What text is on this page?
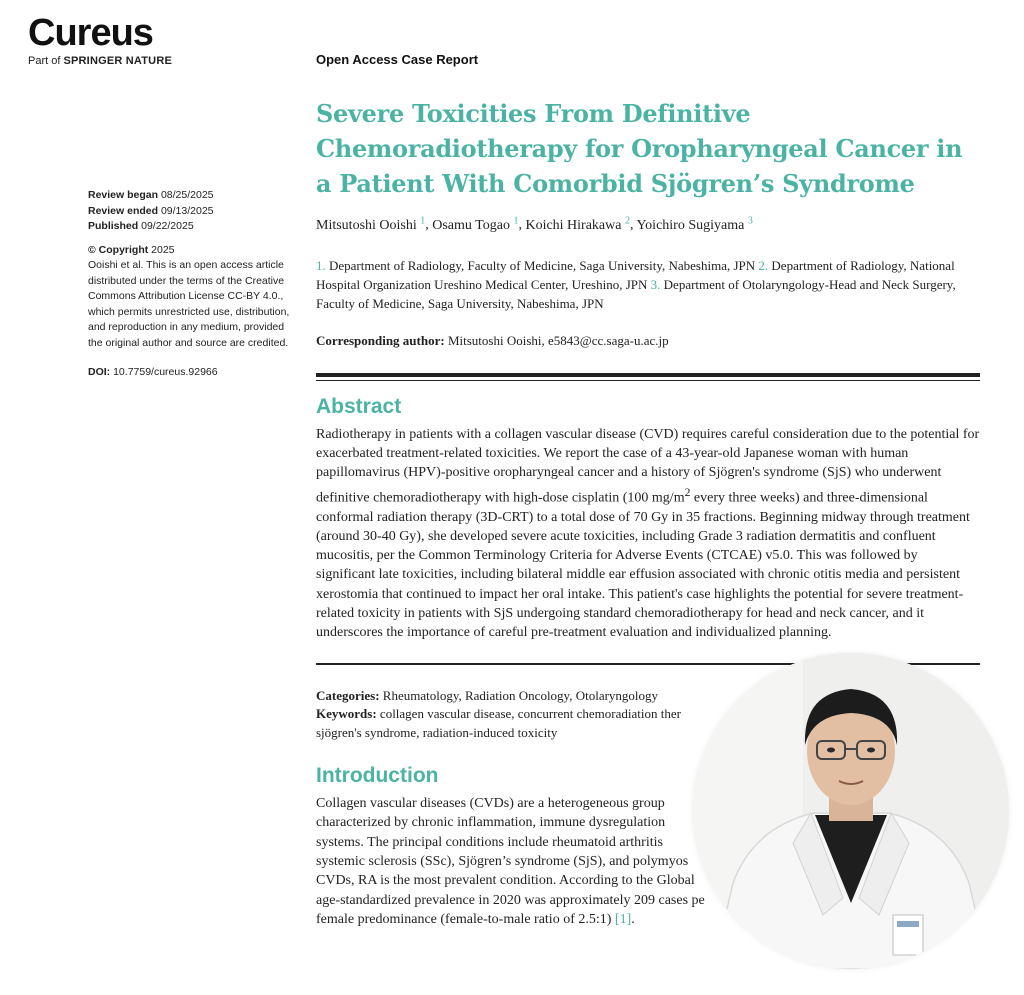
Cureus
Part of SPRINGER NATURE	Open Access Case Report
Review began 08/25/2025
Review ended 09/13/2025
Published 09/22/2025
© Copyright 2025
Ooishi et al. This is an open access article distributed under the terms of the Creative Commons Attribution License CC-BY 4.0., which permits unrestricted use, distribution, and reproduction in any medium, provided the original author and source are credited.
DOI: 10.7759/cureus.92966
Severe Toxicities From Definitive Chemoradiotherapy for Oropharyngeal Cancer in a Patient With Comorbid Sjögren’s Syndrome
Mitsutoshi Ooishi $^1$, Osamu Togao $^1$, Koichi Hirakawa $^2$, Yoichiro Sugiyama $^3$
1. Department of Radiology, Faculty of Medicine, Saga University, Nabeshima, JPN 2. Department of Radiology, National Hospital Organization Ureshino Medical Center, Ureshino, JPN 3. Department of Otolaryngology-Head and Neck Surgery, Faculty of Medicine, Saga University, Nabeshima, JPN
Corresponding author: Mitsutoshi Ooishi, e5843@cc.saga-u.ac.jp
Abstract

Radiotherapy in patients with a collagen vascular disease (CVD) requires careful consideration due to the potential for exacerbated treatment-related toxicities. We report the case of a 43-year-old Japanese woman with human papillomavirus (HPV)-positive oropharyngeal cancer and a history of Sjögren's syndrome (SjS) who underwent definitive chemoradiotherapy with high-dose cisplatin (100 $mg/m^2$ every three weeks) and three-dimensional conformal radiation therapy (3D-CRT) to a total dose of 70 Gy in 35 fractions. Beginning midway through treatment (around 30-40 Gy), she developed severe acute toxicities, including Grade 3 radiation dermatitis and confluent mucositis, per the Common Terminology Criteria for Adverse Events (CTCAE) v5.0. This was followed by significant late toxicities, including bilateral middle ear effusion associated with chronic otitis media and persistent xerostomia that continued to impact her oral intake. This patient's case highlights the potential for severe treatment-related toxicity in patients with SjS undergoing standard chemoradiotherapy for head and neck cancer, and it underscores the importance of careful pre-treatment evaluation and individualized planning.

Categories: Rheumatology, Radiation Oncology, Otolaryngology
Keywords: collagen vascular disease, concurrent chemoradiation ther
sjögren's syndrome, radiation-induced toxicity
Introduction

Collagen vascular diseases (CVDs) are a heterogeneous group
characterized by chronic inflammation, immune dysregulation
systems. The principal conditions include rheumatoid arthritis
systemic sclerosis (SSc), Sjögren’s syndrome (SjS), and polymyos
CVDs, RA is the most prevalent condition. According to the Global
age-standardized prevalence in 2020 was approximately 209 cases pe
female predominance (female-to-male ratio of 2.5:1) [1].
